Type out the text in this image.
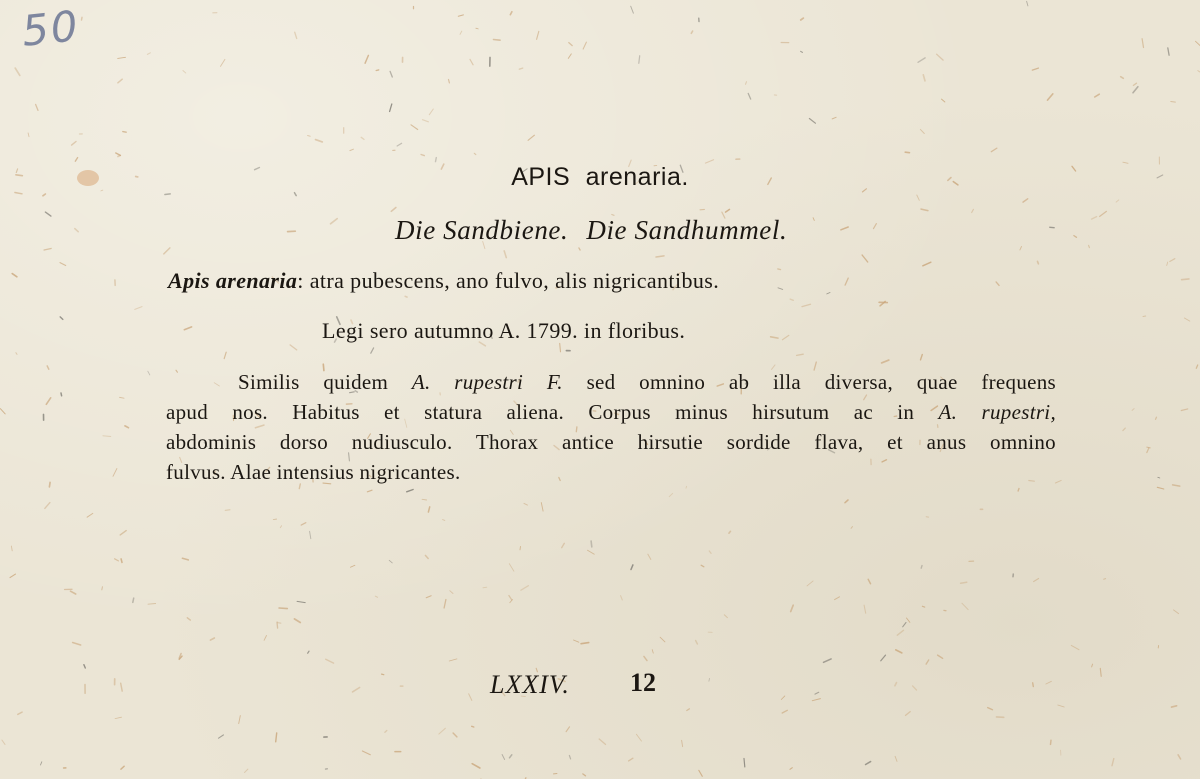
50
APIS arenaria.
Die Sandbiene. Die Sandhummel.
Apis arenaria: atra pubescens, ano fulvo, alis nigricantibus.
Legi sero autumno A. 1799. in floribus.
Similis quidem A. rupestri F. sed omnino ab illa diversa, quae frequens
apud nos. Habitus et statura aliena. Corpus minus hirsutum ac in A. rupestri,
abdominis dorso nudiusculo. Thorax antice hirsutie sordide flava, et anus omnino
fulvus. Alae intensius nigricantes.
LXXIV. 12
